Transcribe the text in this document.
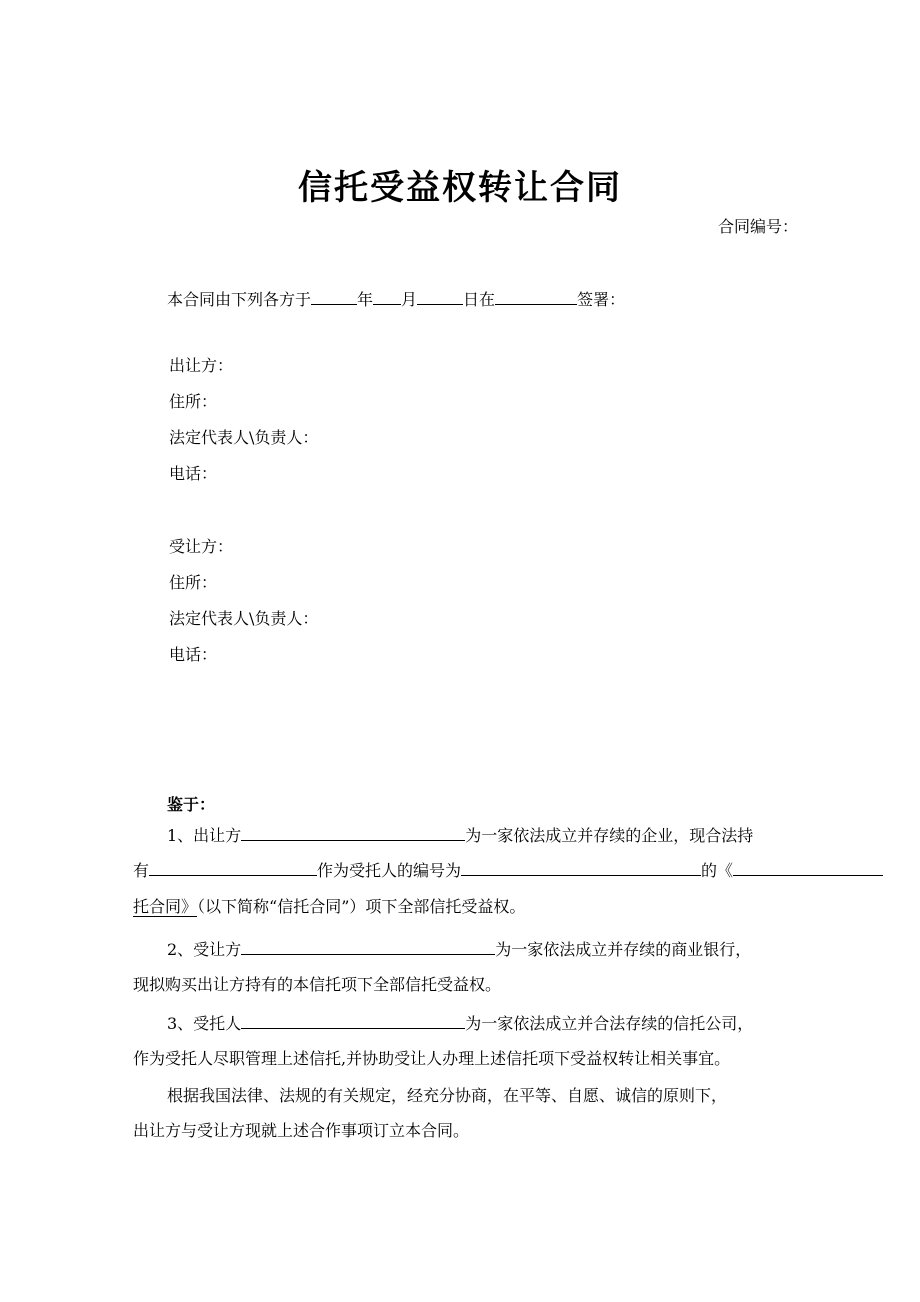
信托受益权转让合同
合同编号：
本合同由下列各方于	年 月	日在	签署：
出让方：
住所：
法定代表人\负责人：
电话：
受让方：
住所：
法定代表人\负责人：
电话：
鉴于：
1、出让方	为一家依法成立并存续的企业，现合法持
有	作为受托人的编号为	的《
托合同》（以下简称“信托合同”）项下全部信托受益权。
2、受让方	为一家依法成立并存续的商业银行，
现拟购买出让方持有的本信托项下全部信托受益权。
3、受托人	为一家依法成立并合法存续的信托公司，
作为受托人尽职管理上述信托,并协助受让人办理上述信托项下受益权转让相关事宜。
根据我国法律、法规的有关规定，经充分协商，在平等、自愿、诚信的原则下，
出让方与受让方现就上述合作事项订立本合同。
